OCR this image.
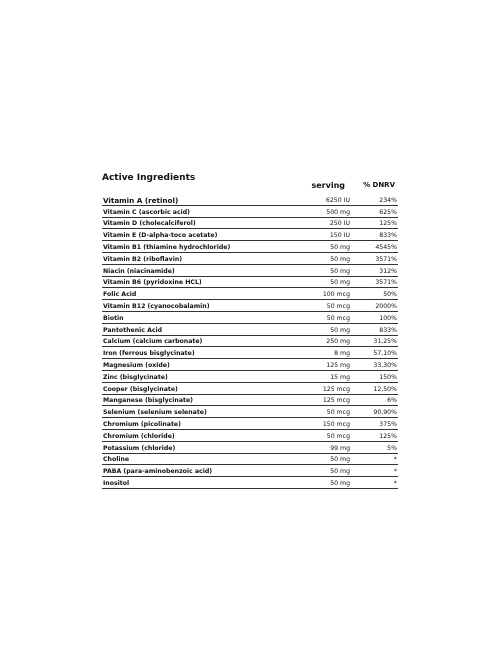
Active Ingredients
serving	% DNRV
Vitamin A (retinol)	6250 IU	234%
Vitamin C (ascorbic acid)	500 mg	625%
Vitamin D (cholecalciferol)	250 IU	125%
Vitamin E (D-alpha-toco acetate)	150 IU	833%
Vitamin B1 (thiamine hydrochloride)	50 mg	4545%
Vitamin B2 (riboflavin)	50 mg	3571%
Niacin (niacinamide)	50 mg	312%
Vitamin B6 (pyridoxine HCL)	50 mg	3571%
Folic Acid	100 mcg	50%
Vitamin B12 (cyanocobalamin)	50 mcg	2000%
Biotin	50 mcg	100%
Pantothenic Acid	50 mg	833%
Calcium (calcium carbonate)	250 mg	31,25%
Iron (ferrous bisglycinate)	8 mg	57,10%
Magnesium (oxide)	125 mg	33,30%
Zinc (bisglycinate)	15 mg	150%
Cooper (bisglycinate)	125 mcg	12,50%
Manganese (bisglycinate)	125 mcg	6%
Selenium (selenium selenate)	50 mcg	90,90%
Chromium (picolinate)	150 mcg	375%
Chromium (chloride)	50 mcg	125%
Potassium (chloride)	99 mg	5%
Choline	50 mg	*
PABA (para-aminobenzoic acid)	50 mg	*
Inositol	50 mg	*
